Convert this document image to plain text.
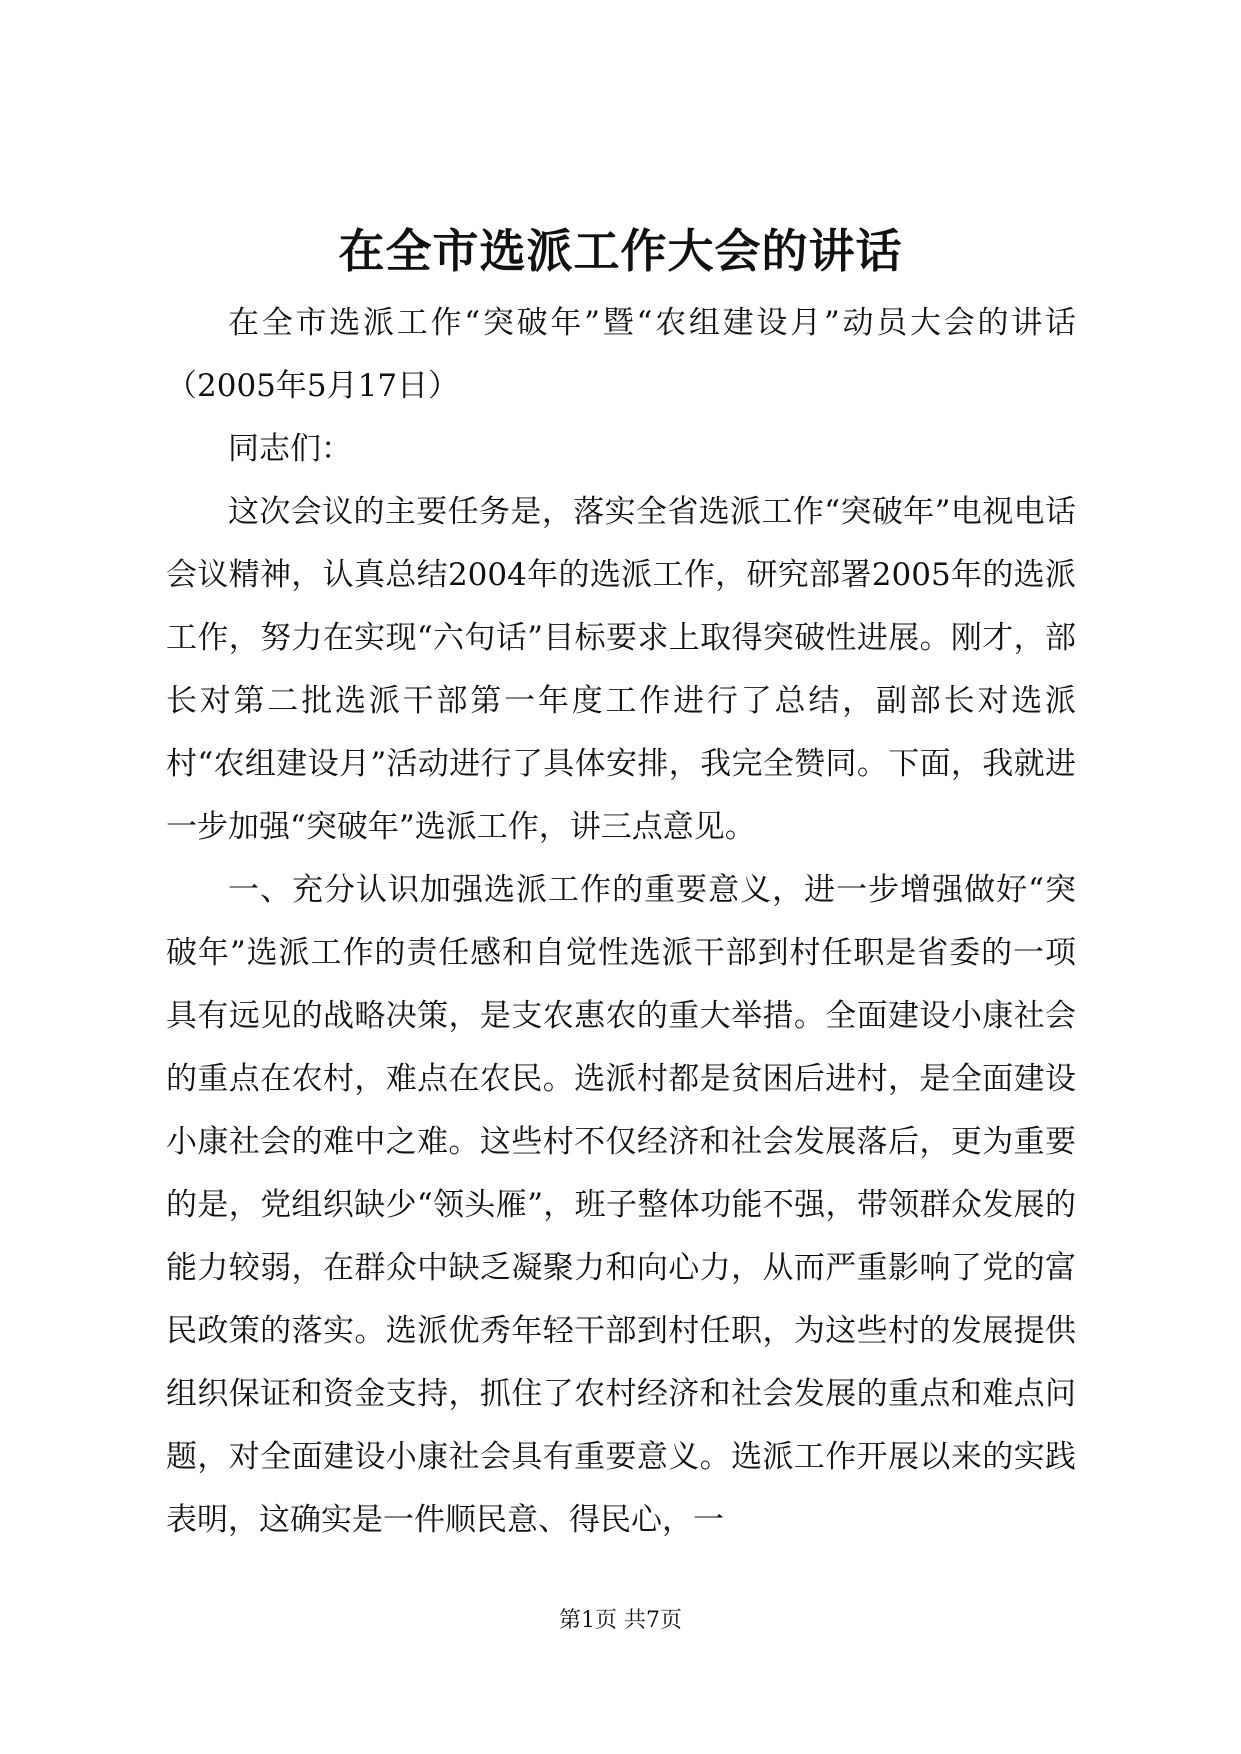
在全市选派工作大会的讲话

在全市选派工作“突破年”暨“农组建设月”动员大会的讲话（2005年5月17日）

同志们：

这次会议的主要任务是，落实全省选派工作“突破年”电视电话会议精神，认真总结2004年的选派工作，研究部署2005年的选派工作，努力在实现“六句话”目标要求上取得突破性进展。刚才，部长对第二批选派干部第一年度工作进行了总结，副部长对选派村“农组建设月”活动进行了具体安排，我完全赞同。下面，我就进一步加强“突破年”选派工作，讲三点意见。

一、充分认识加强选派工作的重要意义，进一步增强做好“突破年”选派工作的责任感和自觉性选派干部到村任职是省委的一项具有远见的战略决策，是支农惠农的重大举措。全面建设小康社会的重点在农村，难点在农民。选派村都是贫困后进村，是全面建设小康社会的难中之难。这些村不仅经济和社会发展落后，更为重要的是，党组织缺少“领头雁”，班子整体功能不强，带领群众发展的能力较弱，在群众中缺乏凝聚力和向心力，从而严重影响了党的富民政策的落实。选派优秀年轻干部到村任职，为这些村的发展提供组织保证和资金支持，抓住了农村经济和社会发展的重点和难点问题，对全面建设小康社会具有重要意义。选派工作开展以来的实践表明，这确实是一件顺民意、得民心，一

第1页 共7页
